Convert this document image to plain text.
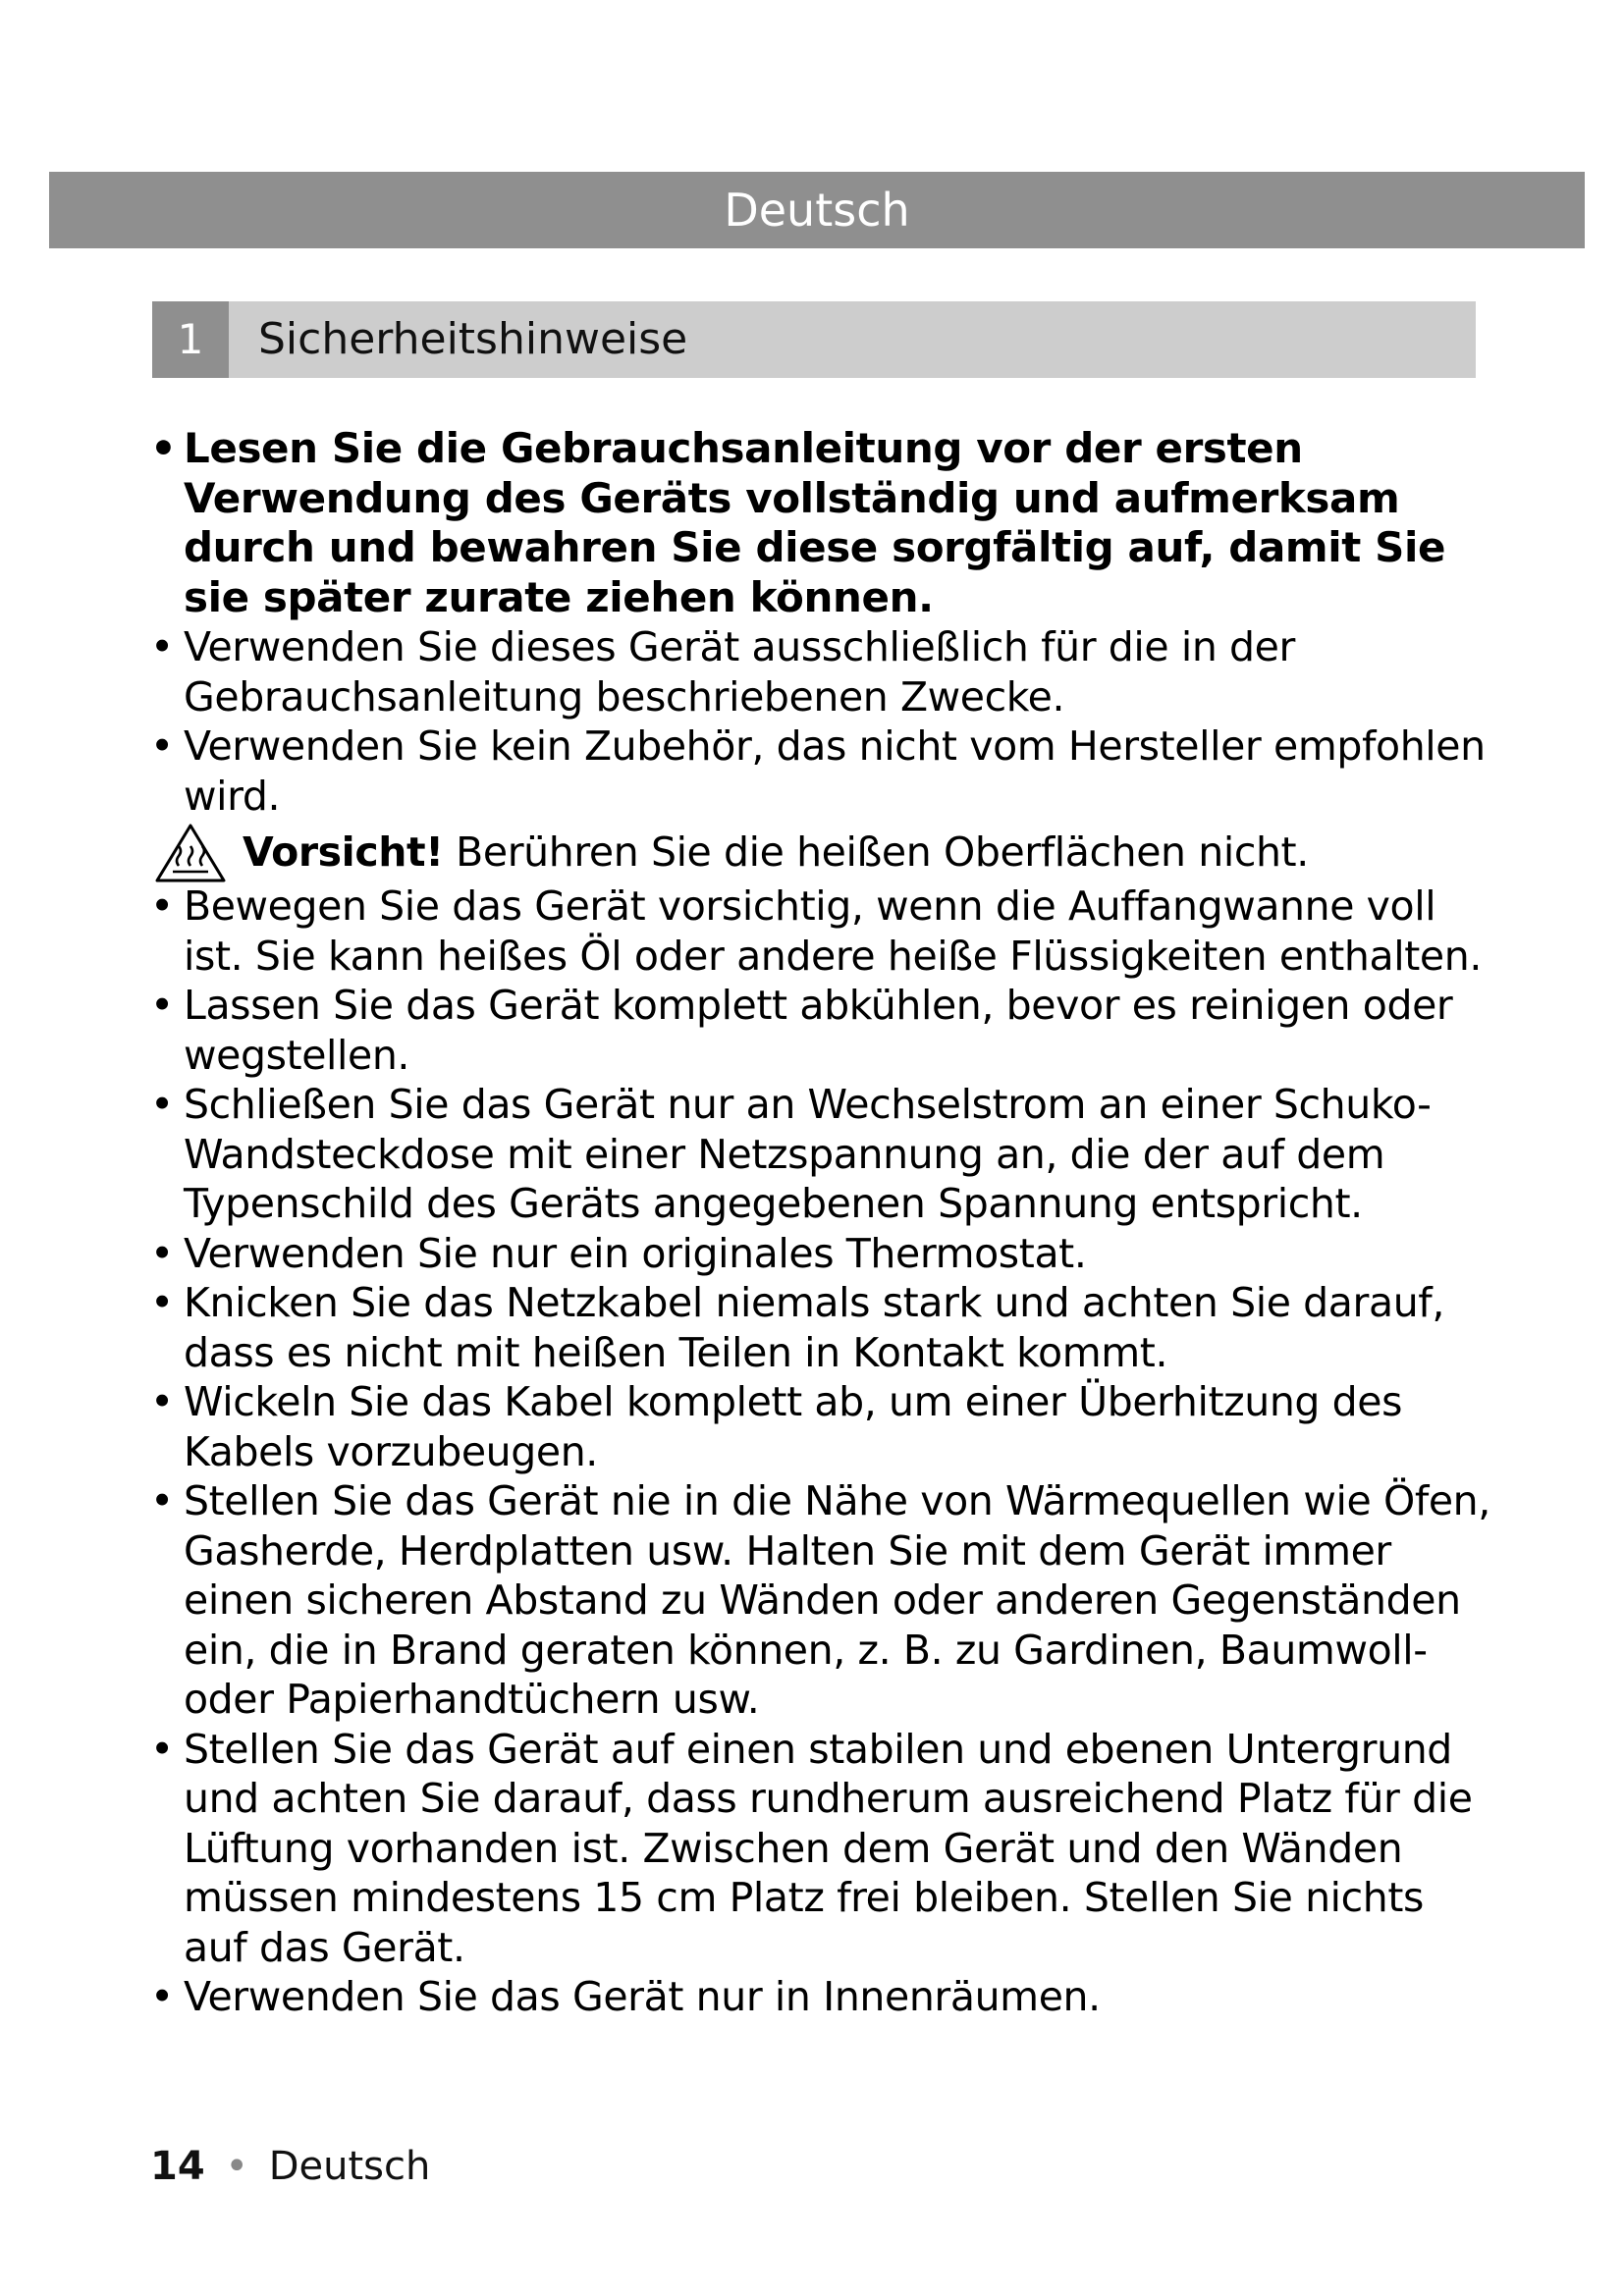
Deutsch
1	Sicherheitshinweise

• Lesen Sie die Gebrauchsanleitung vor der ersten Verwendung des Geräts vollständig und aufmerksam durch und bewahren Sie diese sorgfältig auf, damit Sie sie später zurate ziehen können.

• Verwenden Sie dieses Gerät ausschließlich für die in der Gebrauchsanleitung beschriebenen Zwecke.

• Verwenden Sie kein Zubehör, das nicht vom Hersteller empfohlen wird.

Vorsicht! Berühren Sie die heißen Oberflächen nicht.

• Bewegen Sie das Gerät vorsichtig, wenn die Auffangwanne voll ist. Sie kann heißes Öl oder andere heiße Flüssigkeiten enthalten.

• Lassen Sie das Gerät komplett abkühlen, bevor es reinigen oder wegstellen.

• Schließen Sie das Gerät nur an Wechselstrom an einer Schuko-Wandsteckdose mit einer Netzspannung an, die der auf dem Typenschild des Geräts angegebenen Spannung entspricht.

• Verwenden Sie nur ein originales Thermostat.

• Knicken Sie das Netzkabel niemals stark und achten Sie darauf, dass es nicht mit heißen Teilen in Kontakt kommt.

• Wickeln Sie das Kabel komplett ab, um einer Überhitzung des Kabels vorzubeugen.

• Stellen Sie das Gerät nie in die Nähe von Wärmequellen wie Öfen, Gasherde, Herdplatten usw. Halten Sie mit dem Gerät immer einen sicheren Abstand zu Wänden oder anderen Gegenständen ein, die in Brand geraten können, z. B. zu Gardinen, Baumwoll- oder Papierhandtüchern usw.

• Stellen Sie das Gerät auf einen stabilen und ebenen Untergrund und achten Sie darauf, dass rundherum ausreichend Platz für die Lüftung vorhanden ist. Zwischen dem Gerät und den Wänden müssen mindestens 15 cm Platz frei bleiben. Stellen Sie nichts auf das Gerät.

• Verwenden Sie das Gerät nur in Innenräumen.

14 • Deutsch
